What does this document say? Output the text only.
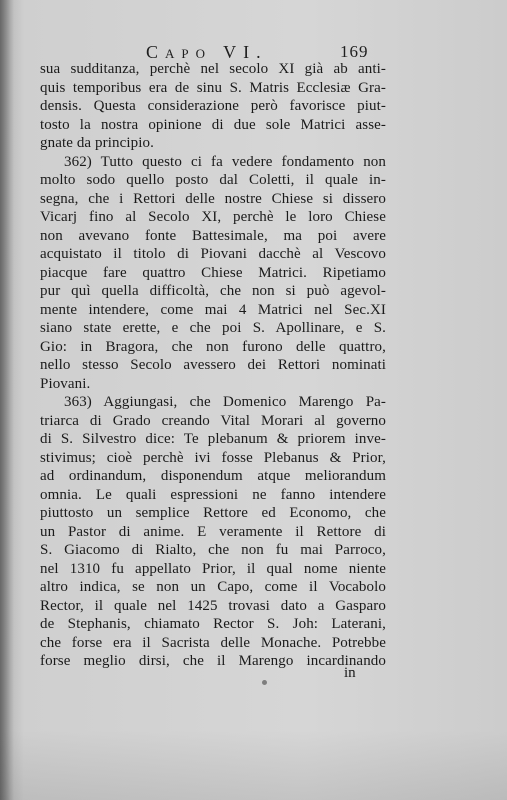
Capo VI.	169
sua sudditanza, perchè nel secolo XI già ab anti-
quis temporibus era de sinu S. Matris Ecclesiæ Gra-
densis. Questa considerazione però favorisce piut-
tosto la nostra opinione di due sole Matrici asse-
gnate da principio.
362) Tutto questo ci fa vedere fondamento non
molto sodo quello posto dal Coletti, il quale in-
segna, che i Rettori delle nostre Chiese si dissero
Vicarj fino al Secolo XI, perchè le loro Chiese
non avevano fonte Battesimale, ma poi avere
acquistato il titolo di Piovani dacchè al Vescovo
piacque fare quattro Chiese Matrici. Ripetiamo
pur quì quella difficoltà, che non si può agevol-
mente intendere, come mai 4 Matrici nel Sec.XI
siano state erette, e che poi S. Apollinare, e S.
Gio: in Bragora, che non furono delle quattro,
nello stesso Secolo avessero dei Rettori nominati
Piovani.
363) Aggiungasi, che Domenico Marengo Pa-
triarca di Grado creando Vital Morari al governo
di S. Silvestro dice: Te plebanum & priorem inve-
stivimus; cioè perchè ivi fosse Plebanus & Prior,
ad ordinandum, disponendum atque meliorandum
omnia. Le quali espressioni ne fanno intendere
piuttosto un semplice Rettore ed Economo, che
un Pastor di anime. E veramente il Rettore di
S. Giacomo di Rialto, che non fu mai Parroco,
nel 1310 fu appellato Prior, il qual nome niente
altro indica, se non un Capo, come il Vocabolo
Rector, il quale nel 1425 trovasi dato a Gasparo
de Stephanis, chiamato Rector S. Joh: Laterani,
che forse era il Sacrista delle Monache. Potrebbe
forse meglio dirsi, che il Marengo incardinando
in
